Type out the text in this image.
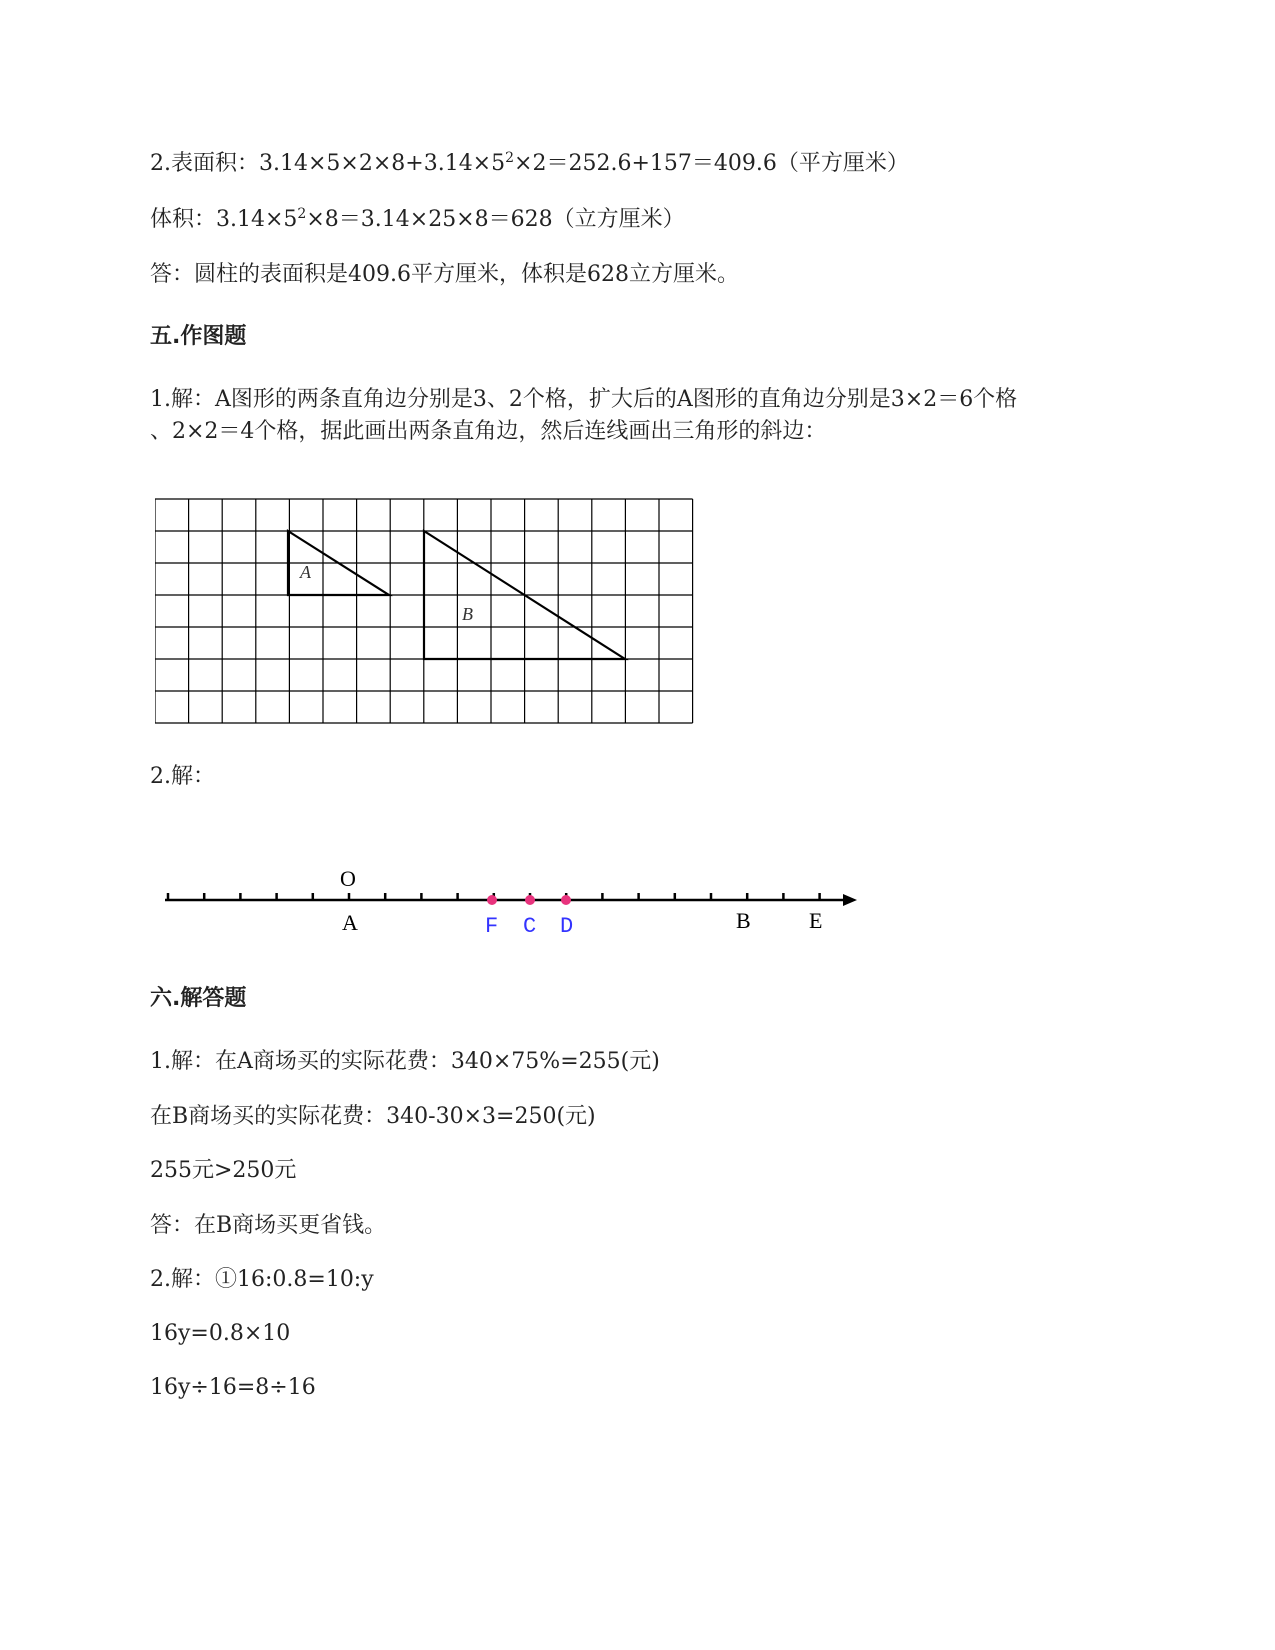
2.表面积：$3.14\times 5\times 2\times 8+3.14\times 5^2\times 2=252.6+157=409.6$（平方厘米）
体积：$3.14\times 5^2\times 8=3.14\times 25\times 8=628$（立方厘米）
答：圆柱的表面积是409.6平方厘米，体积是628立方厘米。
五.作图题
1.解：A图形的两条直角边分别是3、2个格，扩大后的A图形的直角边分别是3×2＝6个格
、2×2＝4个格，据此画出两条直角边，然后连线画出三角形的斜边：
A
B
2.解：
O
A	F C D	B	E
六.解答题
1.解：在A商场买的实际花费：340×75%=255(元)
在B商场买的实际花费：340-30×3=250(元)
255元>250元
答：在B商场买更省钱。
2.解：①16:0.8=10:y
16y=0.8×10
16y÷16=8÷16
